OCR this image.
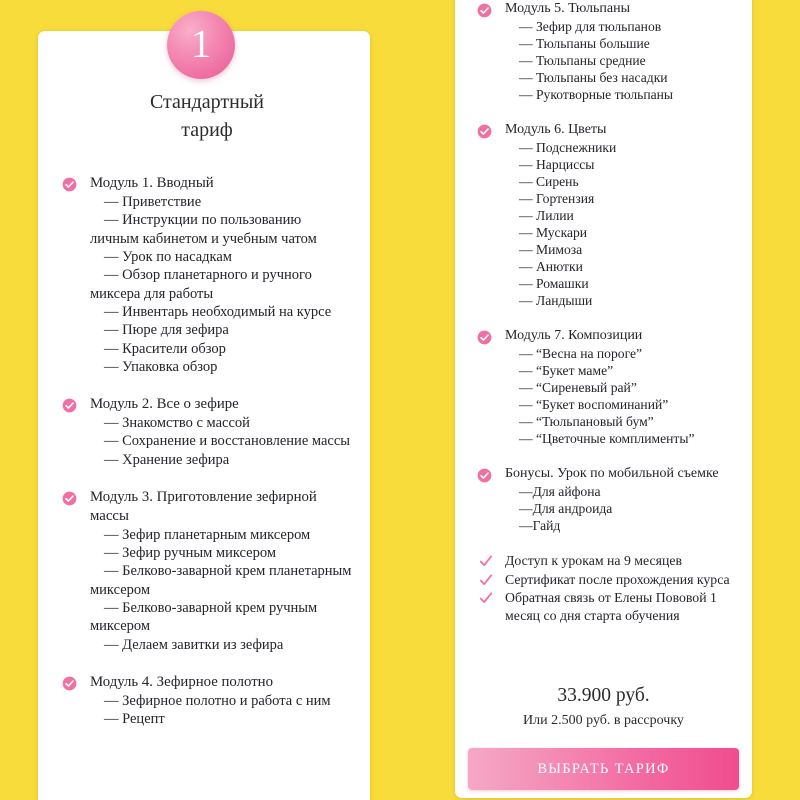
Стандартный
тариф
Модуль 1. Вводный
— Приветствие
— Инструкции по пользованию личным кабинетом и учебным чатом
— Урок по насадкам
— Обзор планетарного и ручного миксера для работы
— Инвентарь необходимый на курсе
— Пюре для зефира
— Красители обзор
— Упаковка обзор
Модуль 2. Все о зефире
— Знакомство с массой
— Сохранение и восстановление массы
— Хранение зефира
Модуль 3. Приготовление зефирной массы
— Зефир планетарным миксером
— Зефир ручным миксером
— Белково-заварной крем планетарным миксером
— Белково-заварной крем ручным миксером
— Делаем завитки из зефира
Модуль 4. Зефирное полотно
— Зефирное полотно и работа с ним
— Рецепт
1
Модуль 5. Тюльпаны
— Зефир для тюльпанов
— Тюльпаны большие
— Тюльпаны средние
— Тюльпаны без насадки
— Рукотворные тюльпаны
Модуль 6. Цветы
— Подснежники
— Нарциссы
— Сирень
— Гортензия
— Лилии
— Мускари
— Мимоза
— Анютки
— Ромашки
— Ландыши
Модуль 7. Композиции
— “Весна на пороге”
— “Букет маме”
— “Сиреневый рай”
— “Букет воспоминаний”
— “Тюльпановый бум”
— “Цветочные комплименты”
Бонусы. Урок по мобильной съемке
—Для айфона
—Для андроида
—Гайд
Доступ к урокам на 9 месяцев
Сертификат после прохождения курса
Обратная связь от Елены Пововой 1 месяц со дня старта обучения
33.900 руб.
Или 2.500 руб. в рассрочку
ВЫБРАТЬ ТАРИФ
